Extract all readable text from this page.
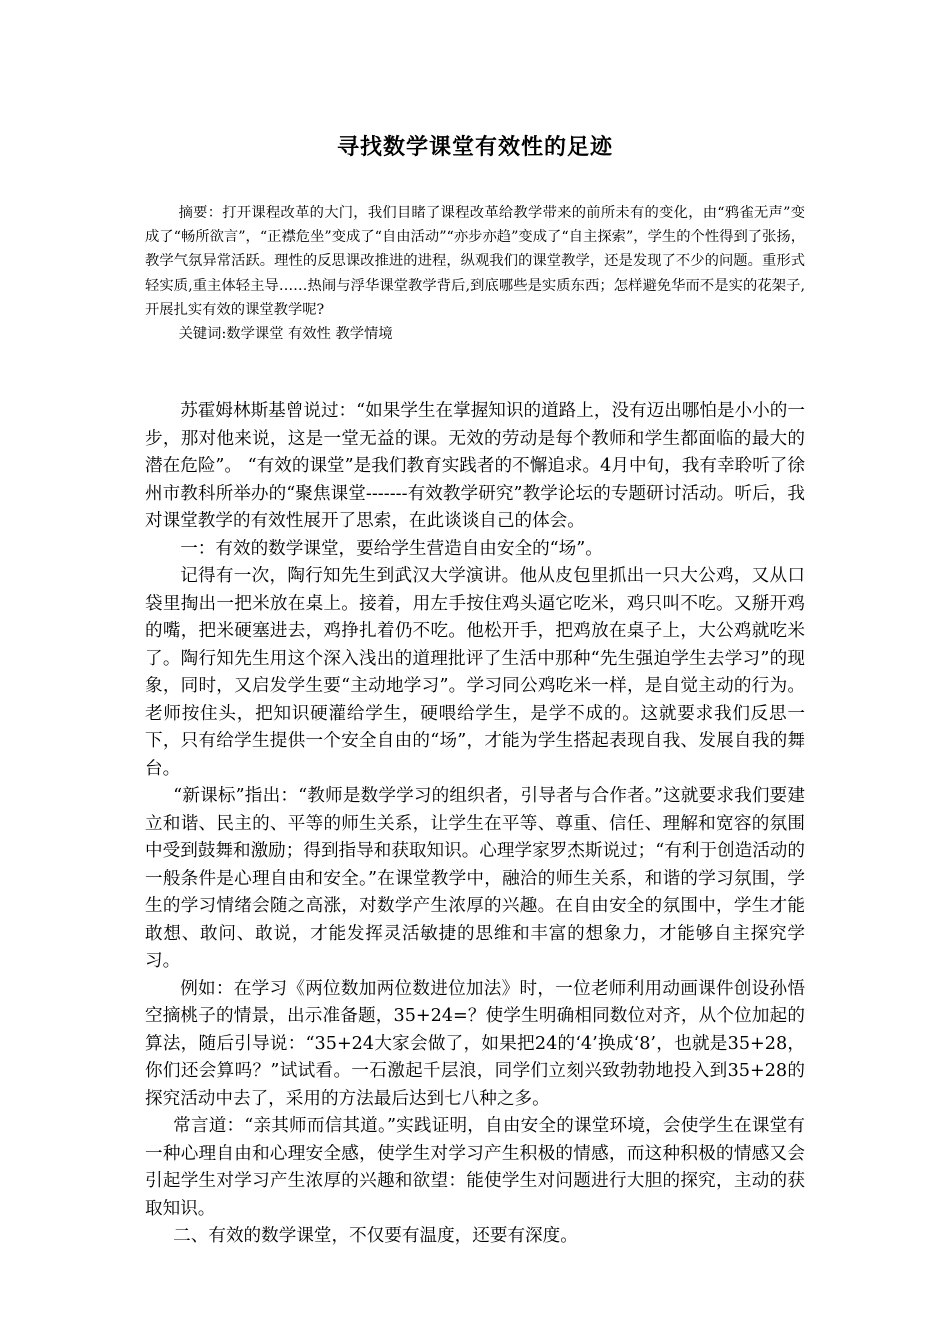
寻找数学课堂有效性的足迹

摘要：打开课程改革的大门，我们目睹了课程改革给教学带来的前所未有的变化，由“鸦雀无声”变成了“畅所欲言”，“正襟危坐”变成了“自由活动”“亦步亦趋”变成了“自主探索”，学生的个性得到了张扬，教学气氛异常活跃。理性的反思课改推进的进程，纵观我们的课堂教学，还是发现了不少的问题。重形式轻实质,重主体轻主导……热闹与浮华课堂教学背后,到底哪些是实质东西；怎样避免华而不是实的花架子,开展扎实有效的课堂教学呢?

关键词:数学课堂 有效性 教学情境

苏霍姆林斯基曾说过：“如果学生在掌握知识的道路上，没有迈出哪怕是小小的一步，那对他来说，这是一堂无益的课。无效的劳动是每个教师和学生都面临的最大的潜在危险”。 “有效的课堂”是我们教育实践者的不懈追求。4月中旬，我有幸聆听了徐州市教科所举办的“聚焦课堂-------有效教学研究”教学论坛的专题研讨活动。听后，我对课堂教学的有效性展开了思索，在此谈谈自己的体会。

一：有效的数学课堂，要给学生营造自由安全的“场”。

记得有一次，陶行知先生到武汉大学演讲。他从皮包里抓出一只大公鸡，又从口袋里掏出一把米放在桌上。接着，用左手按住鸡头逼它吃米，鸡只叫不吃。又掰开鸡的嘴，把米硬塞进去，鸡挣扎着仍不吃。他松开手，把鸡放在桌子上，大公鸡就吃米了。陶行知先生用这个深入浅出的道理批评了生活中那种“先生强迫学生去学习”的现象，同时，又启发学生要“主动地学习”。学习同公鸡吃米一样，是自觉主动的行为。老师按住头，把知识硬灌给学生，硬喂给学生，是学不成的。这就要求我们反思一下，只有给学生提供一个安全自由的“场”，才能为学生搭起表现自我、发展自我的舞台。

“新课标”指出：“教师是数学学习的组织者，引导者与合作者。”这就要求我们要建立和谐、民主的、平等的师生关系，让学生在平等、尊重、信任、理解和宽容的氛围中受到鼓舞和激励；得到指导和获取知识。心理学家罗杰斯说过；“有利于创造活动的一般条件是心理自由和安全。”在课堂教学中，融洽的师生关系，和谐的学习氛围，学生的学习情绪会随之高涨，对数学产生浓厚的兴趣。在自由安全的氛围中，学生才能敢想、敢问、敢说，才能发挥灵活敏捷的思维和丰富的想象力，才能够自主探究学习。

例如：在学习《两位数加两位数进位加法》时，一位老师利用动画课件创设孙悟空摘桃子的情景，出示准备题，35+24=？使学生明确相同数位对齐，从个位加起的算法，随后引导说：“35+24大家会做了，如果把24的‘4’换成‘8’，也就是35+28，你们还会算吗？”试试看。一石激起千层浪，同学们立刻兴致勃勃地投入到35+28的探究活动中去了，采用的方法最后达到七八种之多。

常言道：“亲其师而信其道。”实践证明，自由安全的课堂环境，会使学生在课堂有一种心理自由和心理安全感，使学生对学习产生积极的情感，而这种积极的情感又会引起学生对学习产生浓厚的兴趣和欲望：能使学生对问题进行大胆的探究，主动的获取知识。

二、有效的数学课堂，不仅要有温度，还要有深度。
